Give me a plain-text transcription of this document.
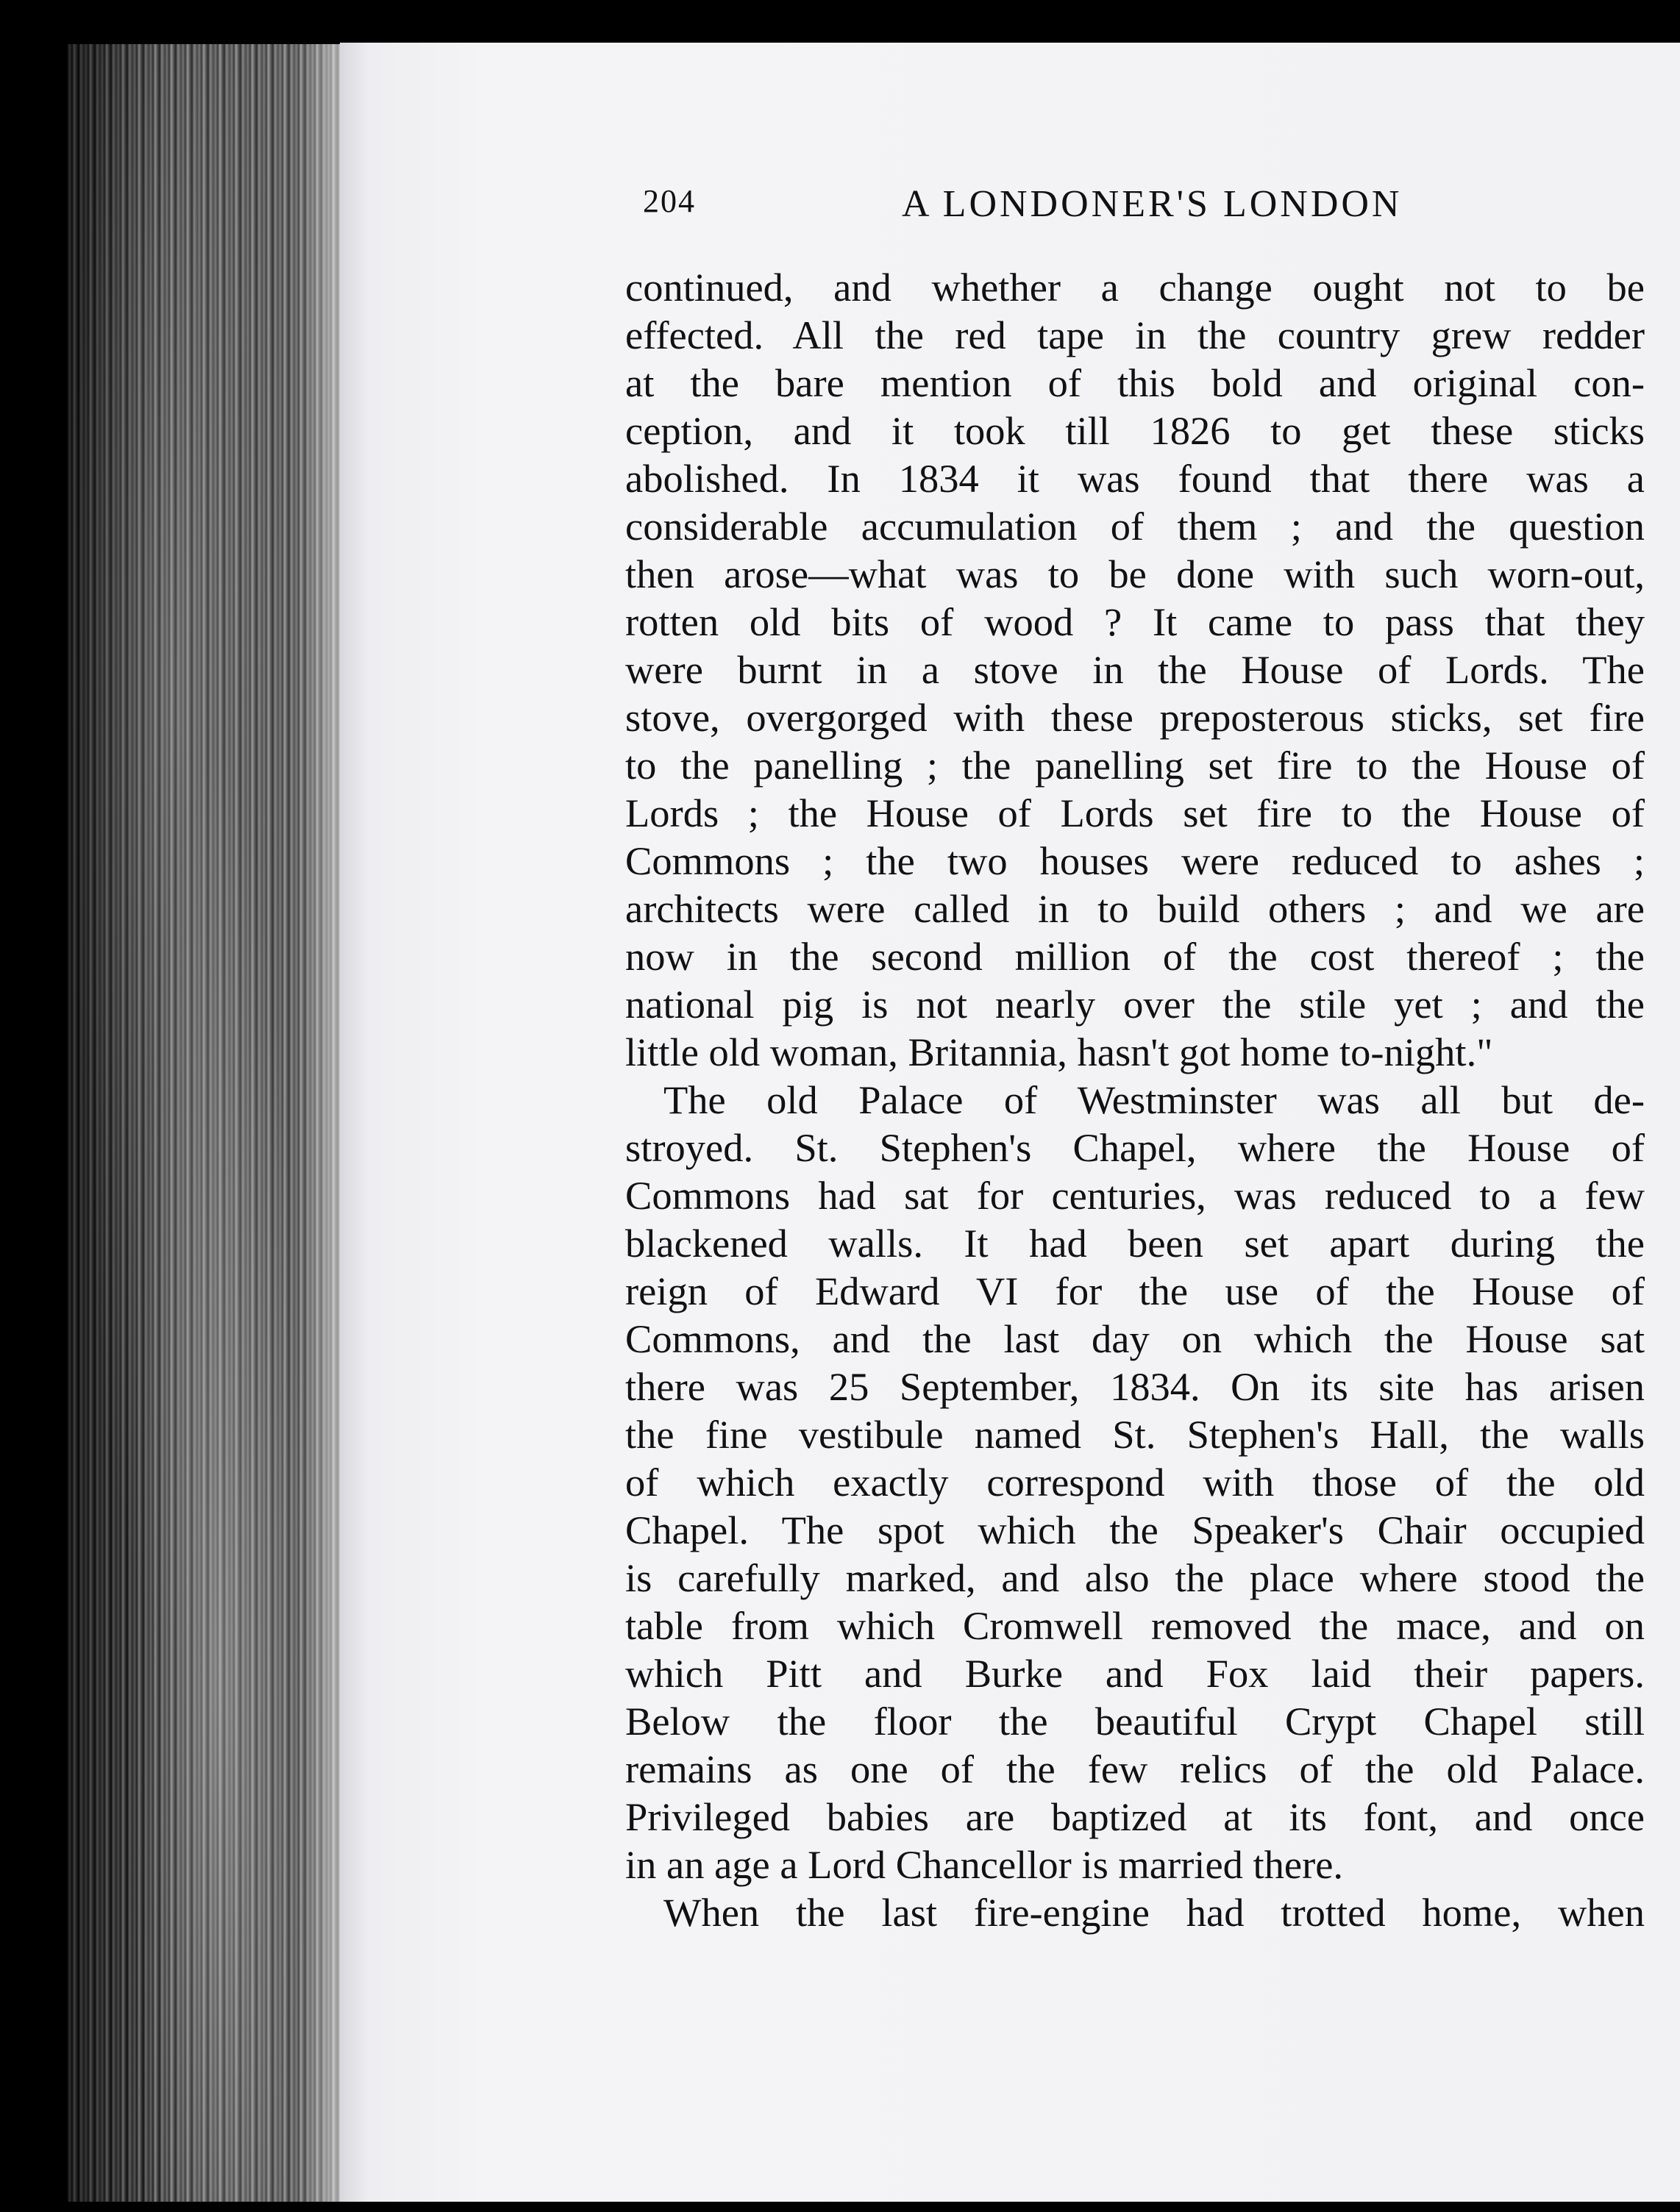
204	A LONDONER'S LONDON
continued, and whether a change ought not to be
effected. All the red tape in the country grew redder
at the bare mention of this bold and original con-
ception, and it took till 1826 to get these sticks
abolished. In 1834 it was found that there was a
considerable accumulation of them ; and the question
then arose—what was to be done with such worn-out,
rotten old bits of wood ? It came to pass that they
were burnt in a stove in the House of Lords. The
stove, overgorged with these preposterous sticks, set fire
to the panelling ; the panelling set fire to the House of
Lords ; the House of Lords set fire to the House of
Commons ; the two houses were reduced to ashes ;
architects were called in to build others ; and we are
now in the second million of the cost thereof ; the
national pig is not nearly over the stile yet ; and the
little old woman, Britannia, hasn't got home to-night."
The old Palace of Westminster was all but de-
stroyed. St. Stephen's Chapel, where the House of
Commons had sat for centuries, was reduced to a few
blackened walls. It had been set apart during the
reign of Edward VI for the use of the House of
Commons, and the last day on which the House sat
there was 25 September, 1834. On its site has arisen
the fine vestibule named St. Stephen's Hall, the walls
of which exactly correspond with those of the old
Chapel. The spot which the Speaker's Chair occupied
is carefully marked, and also the place where stood the
table from which Cromwell removed the mace, and on
which Pitt and Burke and Fox laid their papers.
Below the floor the beautiful Crypt Chapel still
remains as one of the few relics of the old Palace.
Privileged babies are baptized at its font, and once
in an age a Lord Chancellor is married there.
When the last fire-engine had trotted home, when
